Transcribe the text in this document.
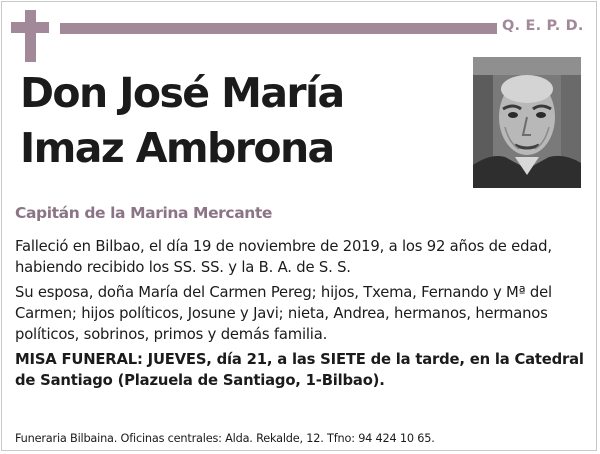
Q. E. P. D.
Don José María
Imaz Ambrona
Capitán de la Marina Mercante

Falleció en Bilbao, el día 19 de noviembre de 2019, a los 92 años de edad, habiendo recibido los SS. SS. y la B. A. de S. S.

Su esposa, doña María del Carmen Pereg; hijos, Txema, Fernando y Mª del Carmen; hijos políticos, Josune y Javi; nieta, Andrea, hermanos, hermanos políticos, sobrinos, primos y demás familia.

MISA FUNERAL: JUEVES, día 21, a las SIETE de la tarde, en la Catedral de Santiago (Plazuela de Santiago, 1-Bilbao).

Funeraria Bilbaina. Oficinas centrales: Alda. Rekalde, 12. Tfno: 94 424 10 65.
